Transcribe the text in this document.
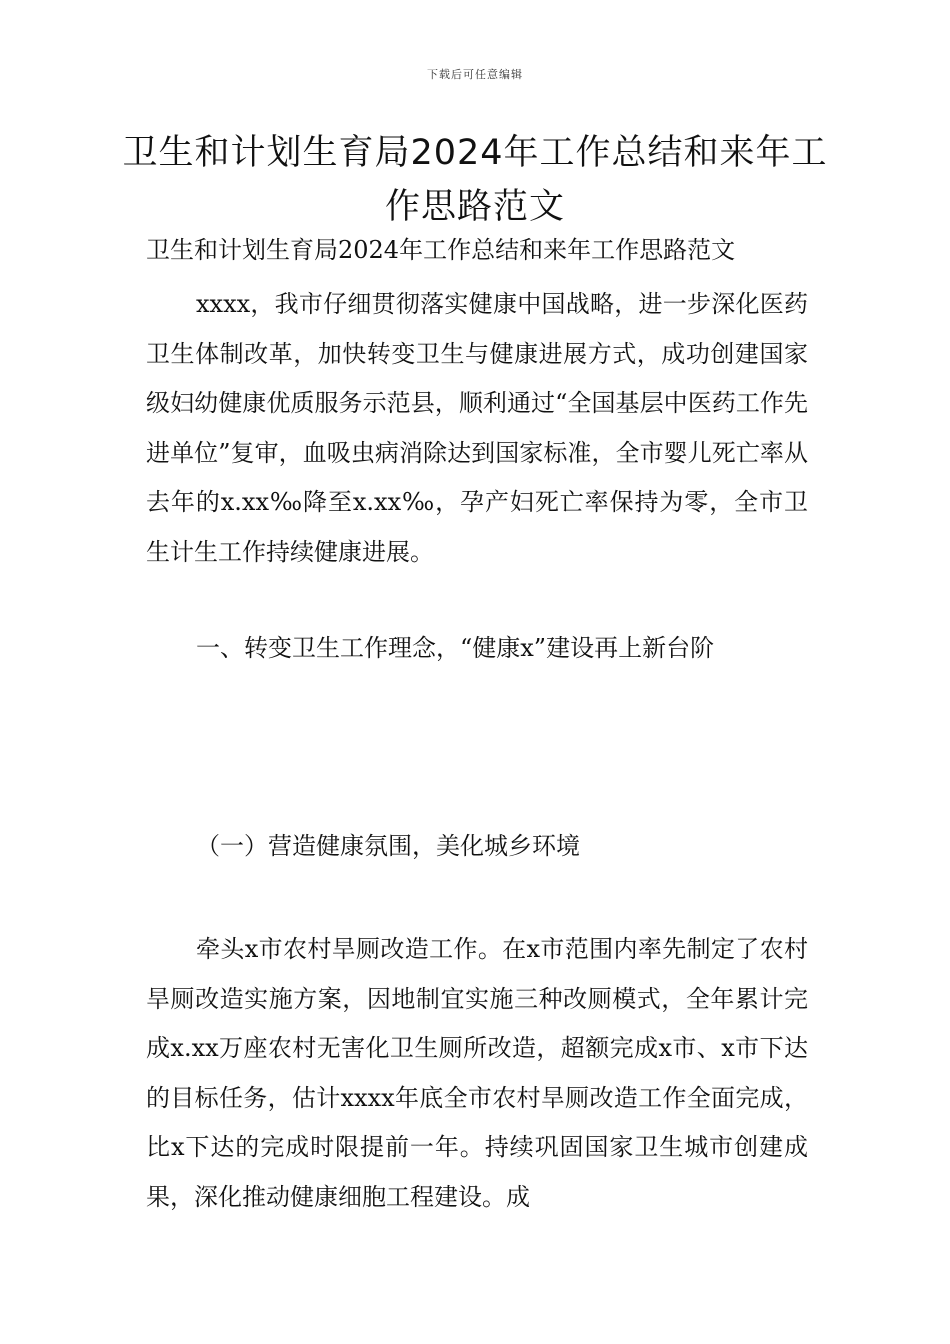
下载后可任意编辑
卫生和计划生育局2024年工作总结和来年工作思路范文
卫生和计划生育局2024年工作总结和来年工作思路范文

xxxx，我市仔细贯彻落实健康中国战略，进一步深化医药卫生体制改革，加快转变卫生与健康进展方式，成功创建国家级妇幼健康优质服务示范县，顺利通过“全国基层中医药工作先进单位”复审，血吸虫病消除达到国家标准，全市婴儿死亡率从去年的x.xx‰降至x.xx‰，孕产妇死亡率保持为零，全市卫生计生工作持续健康进展。

一、转变卫生工作理念，“健康x”建设再上新台阶
（一）营造健康氛围，美化城乡环境

牵头x市农村旱厕改造工作。在x市范围内率先制定了农村旱厕改造实施方案，因地制宜实施三种改厕模式，全年累计完成x.xx万座农村无害化卫生厕所改造，超额完成x市、x市下达的目标任务，估计xxxx年底全市农村旱厕改造工作全面完成，比x下达的完成时限提前一年。持续巩固国家卫生城市创建成果，深化推动健康细胞工程建设。成
